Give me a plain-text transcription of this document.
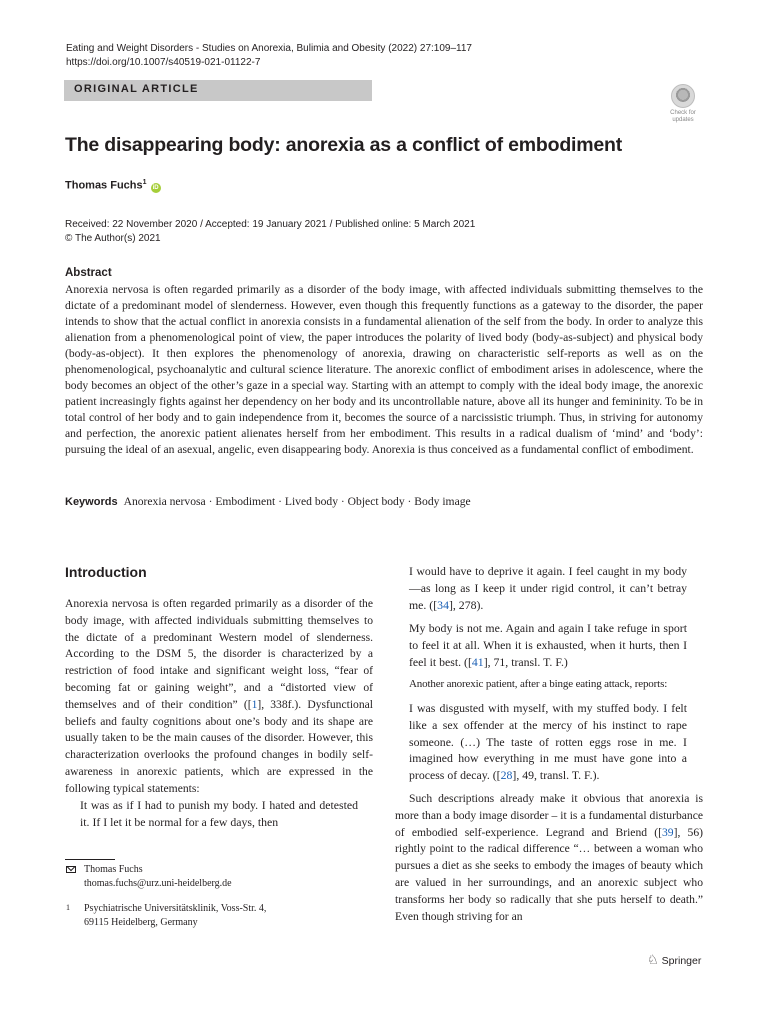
Eating and Weight Disorders - Studies on Anorexia, Bulimia and Obesity (2022) 27:109–117
https://doi.org/10.1007/s40519-021-01122-7
ORIGINAL ARTICLE
Check for
updates
The disappearing body: anorexia as a conflict of embodiment
Thomas Fuchs$^1$ iD
Received: 22 November 2020 / Accepted: 19 January 2021 / Published online: 5 March 2021
© The Author(s) 2021
Abstract
Anorexia nervosa is often regarded primarily as a disorder of the body image, with affected individuals submitting themselves to the dictate of a predominant model of slenderness. However, even though this frequently functions as a gateway to the disorder, the paper intends to show that the actual conflict in anorexia consists in a fundamental alienation of the self from the body. In order to analyze this alienation from a phenomenological point of view, the paper introduces the polarity of lived body (body-as-subject) and physical body (body-as-object). It then explores the phenomenology of anorexia, drawing on characteristic self-reports as well as on the phenomenological, psychoanalytic and cultural science literature. The anorexic conflict of embodiment arises in adolescence, where the body becomes an object of the other’s gaze in a special way. Starting with an attempt to comply with the ideal body image, the anorexic patient increasingly fights against her dependency on her body and its uncontrollable nature, above all its hunger and femininity. To be in total control of her body and to gain independence from it, becomes the source of a narcissistic triumph. Thus, in striving for autonomy and perfection, the anorexic patient alienates herself from her embodiment. This results in a radical dualism of ‘mind’ and ‘body’: pursuing the ideal of an asexual, angelic, even disappearing body. Anorexia is thus conceived as a fundamental conflict of embodiment.
Keywords Anorexia nervosa · Embodiment · Lived body · Object body · Body image
Introduction

Anorexia nervosa is often regarded primarily as a disorder of the body image, with affected individuals submitting themselves to the dictate of a predominant Western model of slenderness. According to the DSM 5, the disorder is characterized by a restriction of food intake and significant weight loss, “fear of becoming fat or gaining weight”, and a “distorted view of themselves and of their condition” ([1], 338f.). Dysfunctional beliefs and faulty cognitions about one’s body and its shape are usually taken to be the main causes of the disorder. However, this characterization overlooks the profound changes in bodily self-awareness in anorexic patients, which are expressed in the following typical statements:

It was as if I had to punish my body. I hated and detested it. If I let it be normal for a few days, then
Thomas Fuchs
thomas.fuchs@urz.uni-heidelberg.de
1 Psychiatrische Universitätsklinik, Voss-Str. 4,
69115 Heidelberg, Germany
I would have to deprive it again. I feel caught in my body—as long as I keep it under rigid control, it can’t betray me. ([34], 278).
My body is not me. Again and again I take refuge in sport to feel it at all. When it is exhausted, when it hurts, then I feel it best. ([41], 71, transl. T. F.)
Another anorexic patient, after a binge eating attack, reports:
I was disgusted with myself, with my stuffed body. I felt like a sex offender at the mercy of his instinct to rape someone. (…) The taste of rotten eggs rose in me. I imagined how everything in me must have gone into a process of decay. ([28], 49, transl. T. F.).

Such descriptions already make it obvious that anorexia is more than a body image disorder – it is a fundamental disturbance of embodied self-experience. Legrand and Briend ([39], 56) rightly point to the radical difference “… between a woman who pursues a diet as she seeks to embody the images of beauty which are valued in her surroundings, and an anorexic subject who transforms her body so radically that she puts herself to death.” Even though striving for an

♘ Springer
